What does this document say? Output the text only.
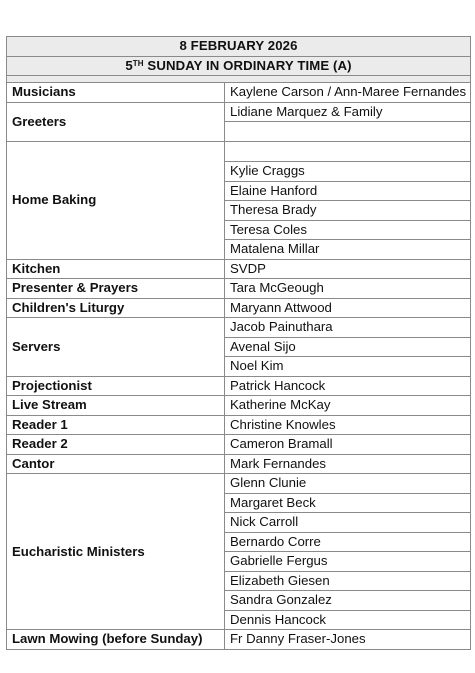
8 FEBRUARY 2026	
5TH SUNDAY IN ORDINARY TIME (A)	

Musicians	Kaylene Carson / Ann-Maree Fernandes
Greeters	Lidiane Marquez & Family

Home Baking	
	Kylie Craggs
	Elaine Hanford
	Theresa Brady
	Teresa Coles
	Matalena Millar
Kitchen	SVDP
Presenter & Prayers	Tara McGeough
Children's Liturgy	Maryann Attwood
Servers	Jacob Painuthara
	Avenal Sijo
	Noel Kim
Projectionist	Patrick Hancock
Live Stream	Katherine McKay
Reader 1	Christine Knowles
Reader 2	Cameron Bramall
Cantor	Mark Fernandes
Eucharistic Ministers	Glenn Clunie
	Margaret Beck
	Nick Carroll
	Bernardo Corre
	Gabrielle Fergus
	Elizabeth Giesen
	Sandra Gonzalez
	Dennis Hancock
Lawn Mowing (before Sunday)	Fr Danny Fraser-Jones
